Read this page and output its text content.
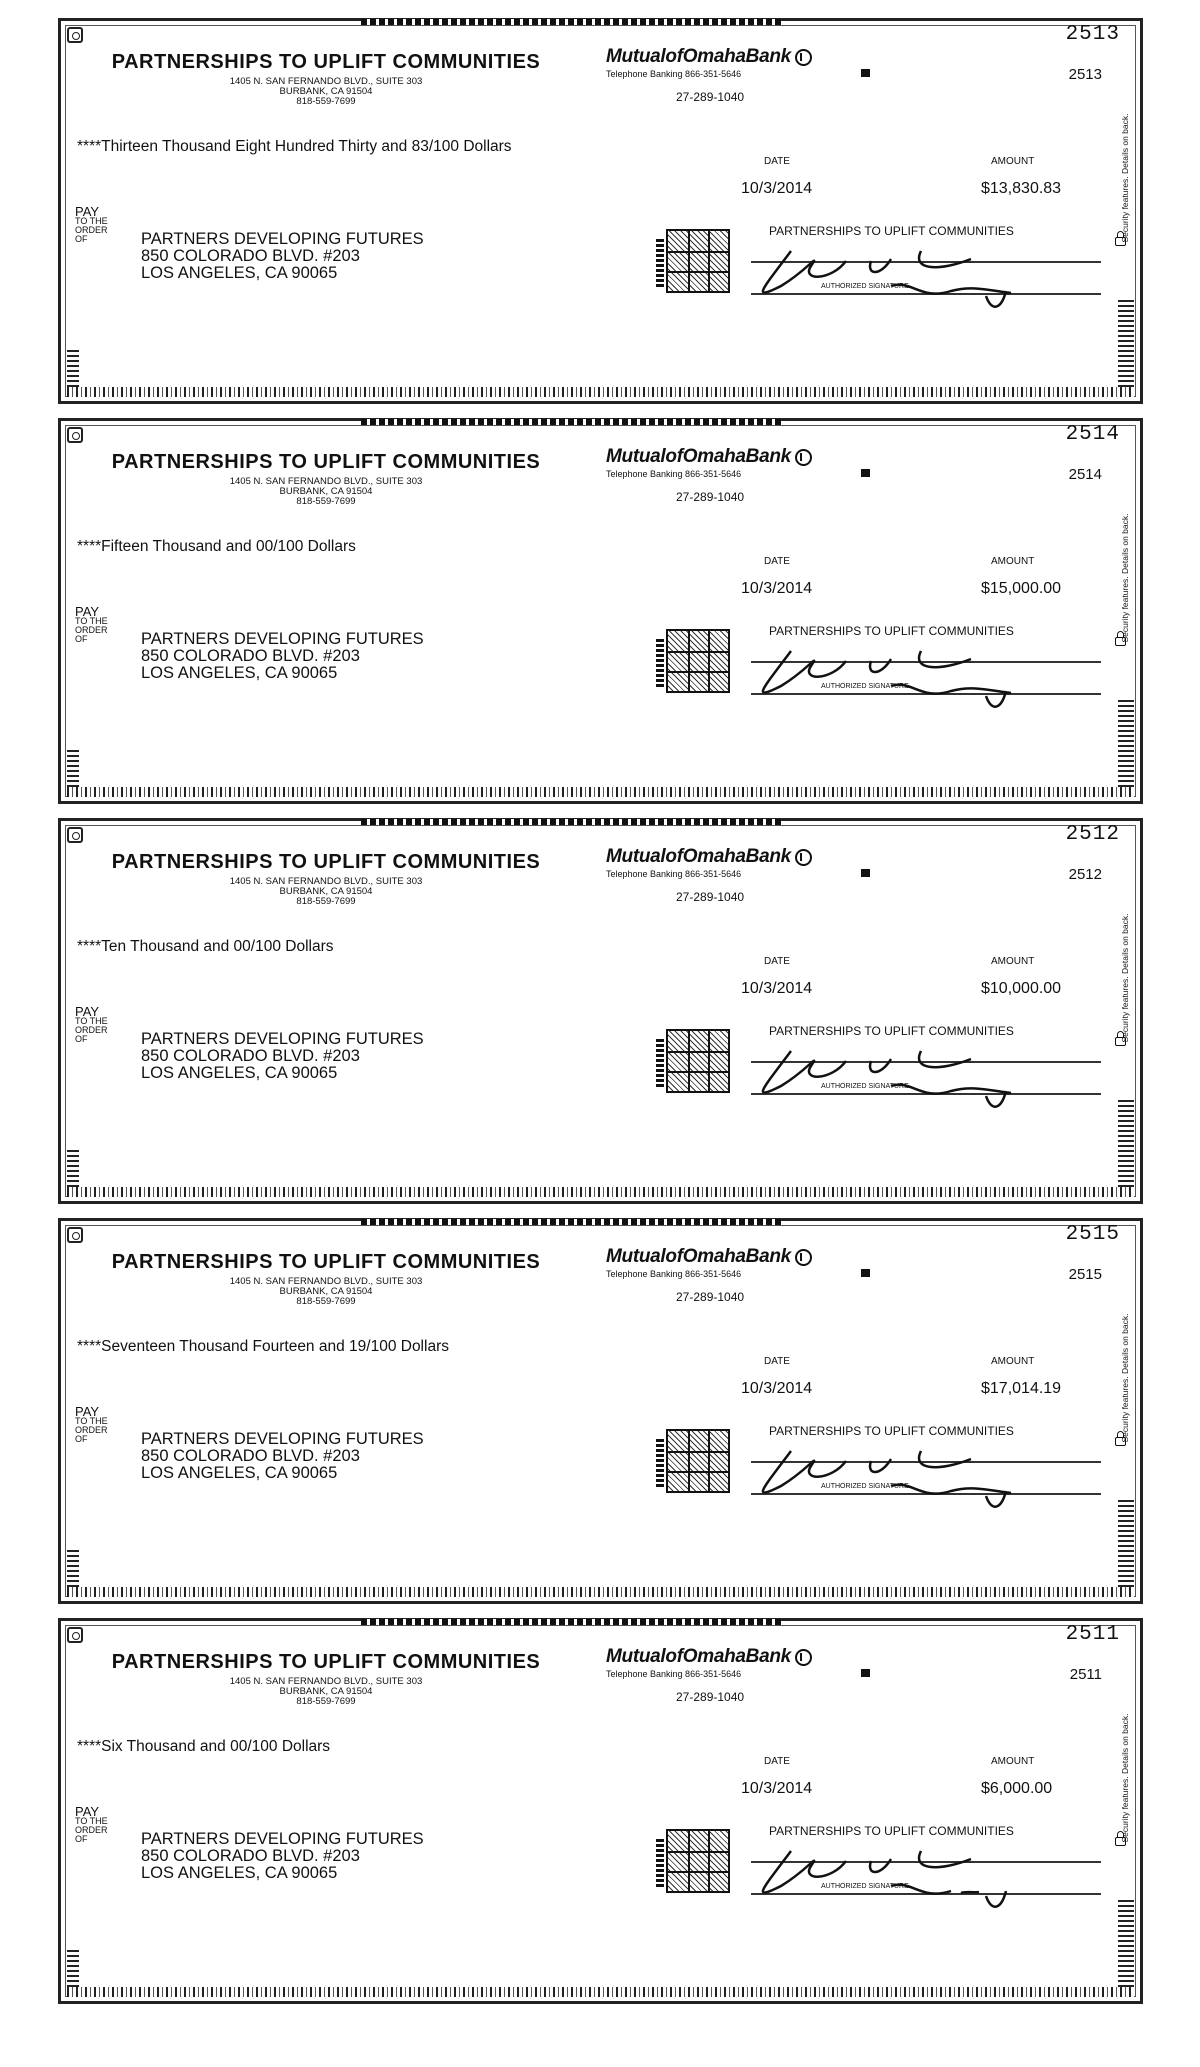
2513
PARTNERSHIPS TO UPLIFT COMMUNITIES
1405 N. SAN FERNANDO BLVD., SUITE 303
BURBANK, CA 91504
818-559-7699
MutualofOmahaBank
Telephone Banking 866-351-5646
27-289-1040
2513
****Thirteen Thousand Eight Hundred Thirty and 83/100 Dollars
DATE	AMOUNT
10/3/2014	$13,830.83	Security features. Details on back.
PAY
TO THE
ORDER
OF	PARTNERS DEVELOPING FUTURES
850 COLORADO BLVD. #203
LOS ANGELES, CA 90065
PARTNERSHIPS TO UPLIFT COMMUNITIES
AUTHORIZED SIGNATURE
2514
PARTNERSHIPS TO UPLIFT COMMUNITIES
1405 N. SAN FERNANDO BLVD., SUITE 303
BURBANK, CA 91504
818-559-7699
MutualofOmahaBank
Telephone Banking 866-351-5646
27-289-1040
2514
****Fifteen Thousand and 00/100 Dollars
DATE	AMOUNT
10/3/2014	$15,000.00	Security features. Details on back.
PAY
TO THE
ORDER
OF	PARTNERS DEVELOPING FUTURES
850 COLORADO BLVD. #203
LOS ANGELES, CA 90065
PARTNERSHIPS TO UPLIFT COMMUNITIES
AUTHORIZED SIGNATURE
2512
PARTNERSHIPS TO UPLIFT COMMUNITIES
1405 N. SAN FERNANDO BLVD., SUITE 303
BURBANK, CA 91504
818-559-7699
MutualofOmahaBank
Telephone Banking 866-351-5646
27-289-1040
2512
****Ten Thousand and 00/100 Dollars
DATE	AMOUNT
10/3/2014	$10,000.00	Security features. Details on back.
PAY
TO THE
ORDER
OF	PARTNERS DEVELOPING FUTURES
850 COLORADO BLVD. #203
LOS ANGELES, CA 90065
PARTNERSHIPS TO UPLIFT COMMUNITIES
AUTHORIZED SIGNATURE
2515
PARTNERSHIPS TO UPLIFT COMMUNITIES
1405 N. SAN FERNANDO BLVD., SUITE 303
BURBANK, CA 91504
818-559-7699
MutualofOmahaBank
Telephone Banking 866-351-5646
27-289-1040
2515
****Seventeen Thousand Fourteen and 19/100 Dollars
DATE	AMOUNT
10/3/2014	$17,014.19	Security features. Details on back.
PAY
TO THE
ORDER
OF	PARTNERS DEVELOPING FUTURES
850 COLORADO BLVD. #203
LOS ANGELES, CA 90065
PARTNERSHIPS TO UPLIFT COMMUNITIES
AUTHORIZED SIGNATURE
2511
PARTNERSHIPS TO UPLIFT COMMUNITIES
1405 N. SAN FERNANDO BLVD., SUITE 303
BURBANK, CA 91504
818-559-7699
MutualofOmahaBank
Telephone Banking 866-351-5646
27-289-1040
2511
****Six Thousand and 00/100 Dollars
DATE	AMOUNT
10/3/2014	$6,000.00	Security features. Details on back.
PAY
TO THE
ORDER
OF	PARTNERS DEVELOPING FUTURES
850 COLORADO BLVD. #203
LOS ANGELES, CA 90065
PARTNERSHIPS TO UPLIFT COMMUNITIES
AUTHORIZED SIGNATURE
